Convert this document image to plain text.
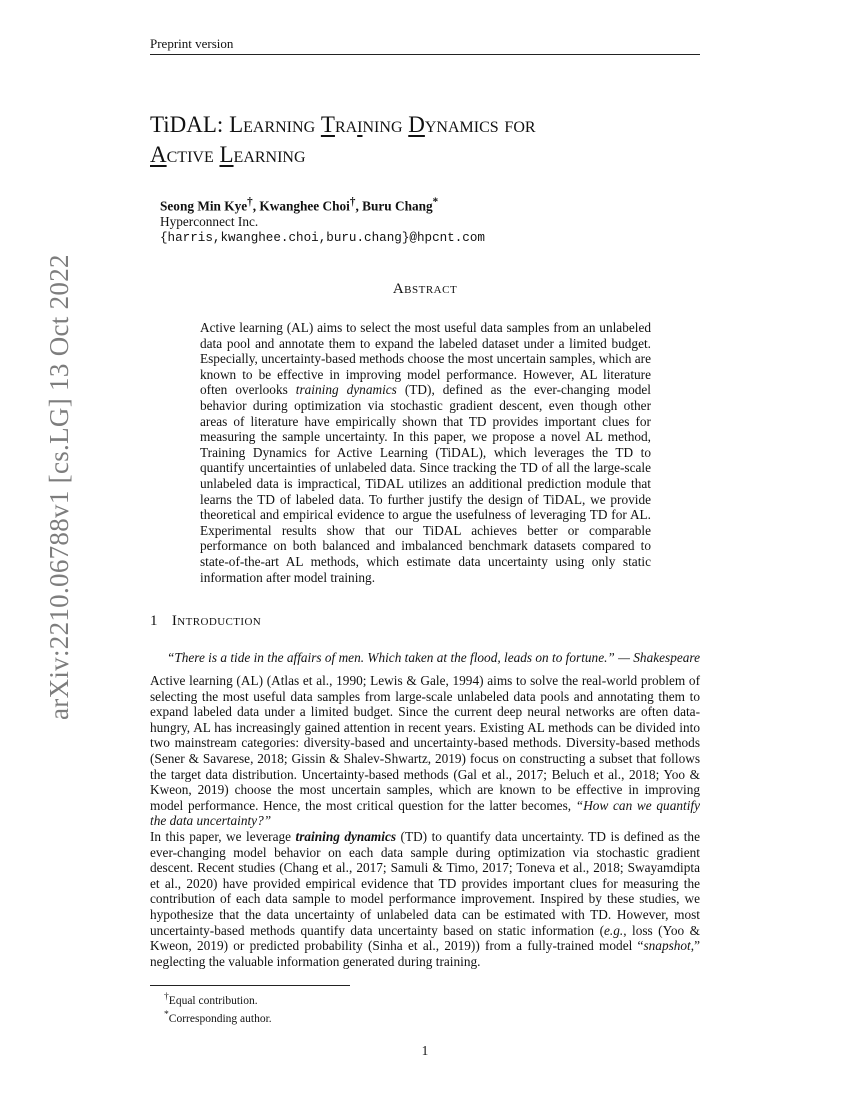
Preprint version
arXiv:2210.06788v1 [cs.LG] 13 Oct 2022
TiDAL: Learning Training Dynamics for
Active Learning
Seong Min Kye†, Kwanghee Choi†, Buru Chang*
Hyperconnect Inc.
{harris,kwanghee.choi,buru.chang}@hpcnt.com
Abstract

Active learning (AL) aims to select the most useful data samples from an unlabeled data pool and annotate them to expand the labeled dataset under a limited budget. Especially, uncertainty-based methods choose the most uncertain samples, which are known to be effective in improving model performance. However, AL literature often overlooks training dynamics (TD), defined as the ever-changing model behavior during optimization via stochastic gradient descent, even though other areas of literature have empirically shown that TD provides important clues for measuring the sample uncertainty. In this paper, we propose a novel AL method, Training Dynamics for Active Learning (TiDAL), which leverages the TD to quantify uncertainties of unlabeled data. Since tracking the TD of all the large-scale unlabeled data is impractical, TiDAL utilizes an additional prediction module that learns the TD of labeled data. To further justify the design of TiDAL, we provide theoretical and empirical evidence to argue the usefulness of leveraging TD for AL. Experimental results show that our TiDAL achieves better or comparable performance on both balanced and imbalanced benchmark datasets compared to state-of-the-art AL methods, which estimate data uncertainty using only static information after model training.

1 Introduction
“There is a tide in the affairs of men. Which taken at the flood, leads on to fortune.” — Shakespeare

Active learning (AL) (Atlas et al., 1990; Lewis & Gale, 1994) aims to solve the real-world problem of selecting the most useful data samples from large-scale unlabeled data pools and annotating them to expand labeled data under a limited budget. Since the current deep neural networks are often data-hungry, AL has increasingly gained attention in recent years. Existing AL methods can be divided into two mainstream categories: diversity-based and uncertainty-based methods. Diversity-based methods (Sener & Savarese, 2018; Gissin & Shalev-Shwartz, 2019) focus on constructing a subset that follows the target data distribution. Uncertainty-based methods (Gal et al., 2017; Beluch et al., 2018; Yoo & Kweon, 2019) choose the most uncertain samples, which are known to be effective in improving model performance. Hence, the most critical question for the latter becomes, “How can we quantify the data uncertainty?”

In this paper, we leverage training dynamics (TD) to quantify data uncertainty. TD is defined as the ever-changing model behavior on each data sample during optimization via stochastic gradient descent. Recent studies (Chang et al., 2017; Samuli & Timo, 2017; Toneva et al., 2018; Swayamdipta et al., 2020) have provided empirical evidence that TD provides important clues for measuring the contribution of each data sample to model performance improvement. Inspired by these studies, we hypothesize that the data uncertainty of unlabeled data can be estimated with TD. However, most uncertainty-based methods quantify data uncertainty based on static information (e.g., loss (Yoo & Kweon, 2019) or predicted probability (Sinha et al., 2019)) from a fully-trained model “snapshot,” neglecting the valuable information generated during training.

†Equal contribution.
*Corresponding author.
1
